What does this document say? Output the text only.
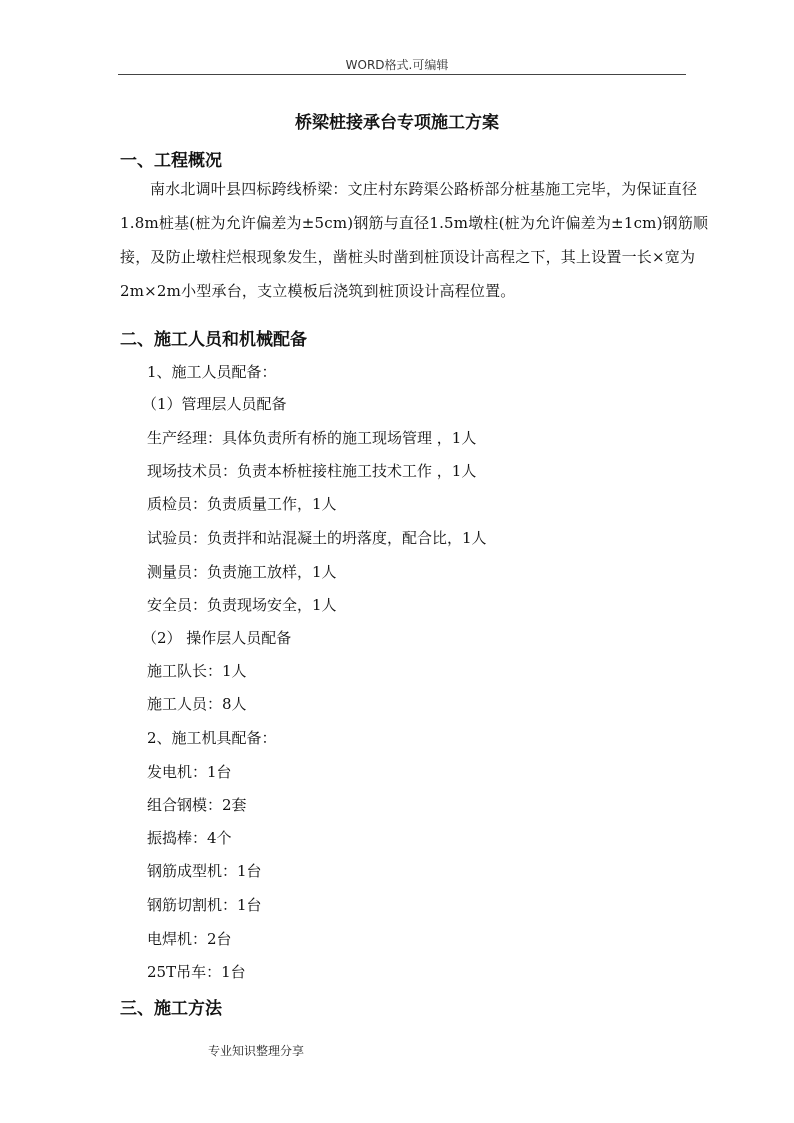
WORD格式.可编辑
桥梁桩接承台专项施工方案
一、工程概况
南水北调叶县四标跨线桥梁：文庄村东跨渠公路桥部分桩基施工完毕，为保证直径1.8m桩基(桩为允许偏差为±5cm)钢筋与直径1.5m墩柱(桩为允许偏差为±1cm)钢筋顺接，及防止墩柱烂根现象发生，凿桩头时凿到桩顶设计高程之下，其上设置一长×宽为2m×2m小型承台，支立模板后浇筑到桩顶设计高程位置。
二、施工人员和机械配备
1、施工人员配备：
（1）管理层人员配备
生产经理：具体负责所有桥的施工现场管理 ，1人
现场技术员：负责本桥桩接柱施工技术工作 ，1人
质检员：负责质量工作，1人
试验员：负责拌和站混凝土的坍落度，配合比，1人
测量员：负责施工放样，1人
安全员：负责现场安全，1人
（2） 操作层人员配备
施工队长：1人
施工人员：8人
2、施工机具配备：
发电机：1台
组合钢模：2套
振捣棒：4个
钢筋成型机：1台
钢筋切割机：1台
电焊机：2台
25T吊车：1台
三、施工方法
专业知识整理分享
